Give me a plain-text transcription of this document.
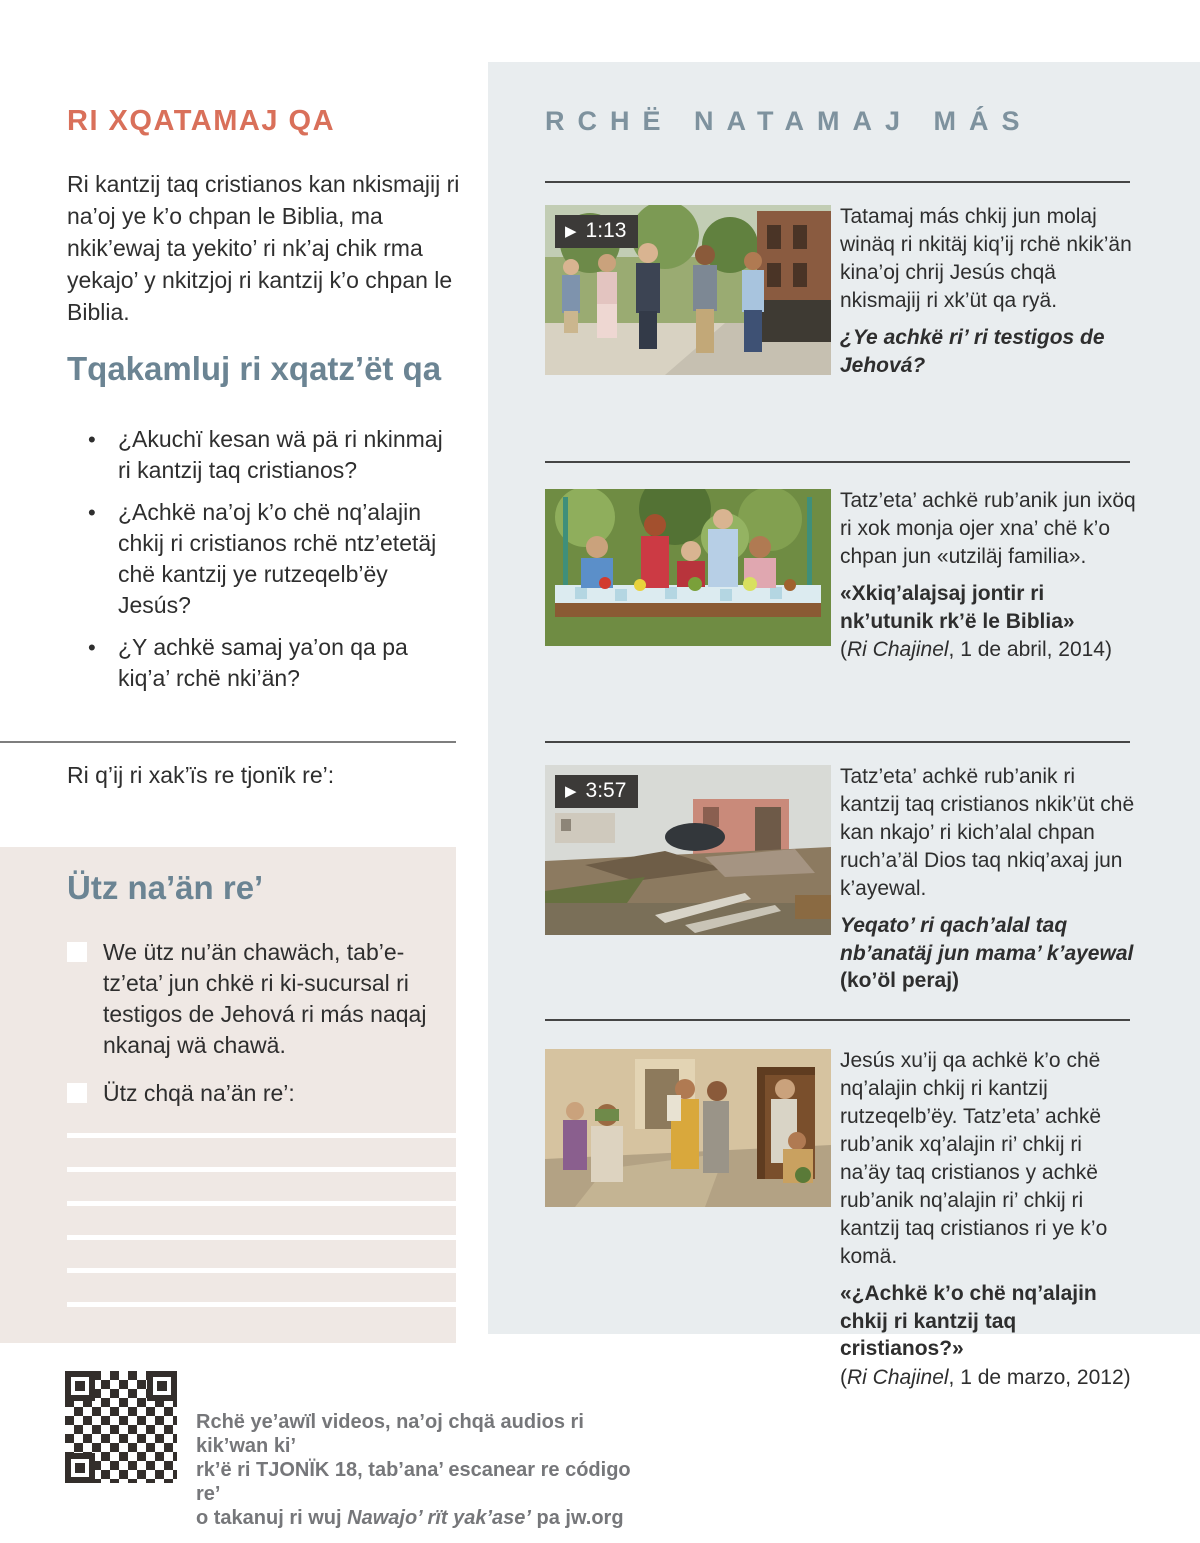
RI XQATAMAJ QA

Ri kantzij taq cristianos kan nkismajij ri na’oj ye k’o chpan le Biblia, ma nkik’ewaj ta yekito’ ri nk’aj chik rma yekajo’ y nkitzjoj ri kantzij k’o chpan le Biblia.

Tqakamluj ri xqatz’ët qa
• ¿Akuchï kesan wä pä ri nkinmaj ri kantzij taq cristianos?
• ¿Achkë na’oj k’o chë nq’alajin chkij ri cristianos rchë ntz’etetäj chë kantzij ye rutzeqelb’ëy Jesús?
• ¿Y achkë samaj ya’on qa pa kiq’a’ rchë nki’än?

Ri q’ij ri xak’ïs re tjonïk re’:

Ütz na’än re’
We ütz nu’än chawäch, tab’etz’eta’ jun chkë ri ki-sucursal ri testigos de Jehová ri más naqaj nkanaj wä chawä.
Ütz chqä na’än re’:

Rchë ye’awïl videos, na’oj chqä audios ri kik’wan ki’

rk’ë ri TJONÏK 18, tab’ana’ escanear re código re’

o takanuj ri wuj Nawajo’ rït yak’ase’ pa jw.org

RCHË NATAMAJ MÁS
▶ 1:13

Tatamaj más chkij jun molaj winäq ri nkitäj kiq’ij rchë nkik’än kina’oj chrij Jesús chqä nkismajij ri xk’üt qa ryä.

¿Ye achkë ri’ ri testigos de Jehová?

Tatz’eta’ achkë rub’anik jun ixöq ri xok monja ojer xna’ chë k’o chpan jun «utziläj familia».

«Xkiq’alajsaj jontir ri nk’utunik rk’ë le Biblia»

(Ri Chajinel, 1 de abril, 2014)

▶ 3:57

Tatz’eta’ achkë rub’anik ri kantzij taq cristianos nkik’üt chë kan nkajo’ ri kich’alal chpan ruch’a’äl Dios taq nkiq’axaj jun k’ayewal.

Yeqato’ ri qach’alal taq nb’anatäj jun mama’ k’ayewal

(ko’öl peraj)

Jesús xu’ij qa achkë k’o chë nq’alajin chkij ri kantzij rutzeqelb’ëy. Tatz’eta’ achkë rub’anik xq’alajin ri’ chkij ri na’äy taq cristianos y achkë rub’anik nq’alajin ri’ chkij ri kantzij taq cristianos ri ye k’o komä.

«¿Achkë k’o chë nq’alajin chkij ri kantzij taq cristianos?»

(Ri Chajinel, 1 de marzo, 2012)
